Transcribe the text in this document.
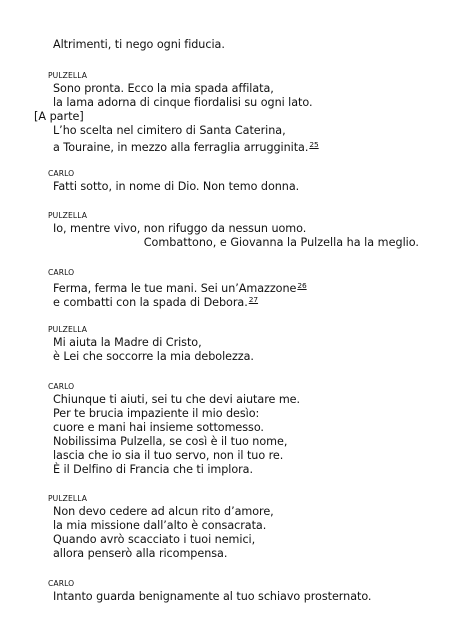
Altrimenti, ti nego ogni fiducia.
PULZELLA
Sono pronta. Ecco la mia spada affilata,
la lama adorna di cinque fiordalisi su ogni lato.
[A parte]
L’ho scelta nel cimitero di Santa Caterina,
a Touraine, in mezzo alla ferraglia arrugginita.$^{25}$
CARLO
Fatti sotto, in nome di Dio. Non temo donna.
PULZELLA
Io, mentre vivo, non rifuggo da nessun uomo.
Combattono, e Giovanna la Pulzella ha la meglio.
CARLO
Ferma, ferma le tue mani. Sei un’Amazzone$^{26}$
e combatti con la spada di Debora.$^{27}$
PULZELLA
Mi aiuta la Madre di Cristo,
è Lei che soccorre la mia debolezza.
CARLO
Chiunque ti aiuti, sei tu che devi aiutare me.
Per te brucia impaziente il mio desìo:
cuore e mani hai insieme sottomesso.
Nobilissima Pulzella, se così è il tuo nome,
lascia che io sia il tuo servo, non il tuo re.
È il Delfino di Francia che ti implora.
PULZELLA
Non devo cedere ad alcun rito d’amore,
la mia missione dall’alto è consacrata.
Quando avrò scacciato i tuoi nemici,
allora penserò alla ricompensa.
CARLO
Intanto guarda benignamente al tuo schiavo prosternato.
